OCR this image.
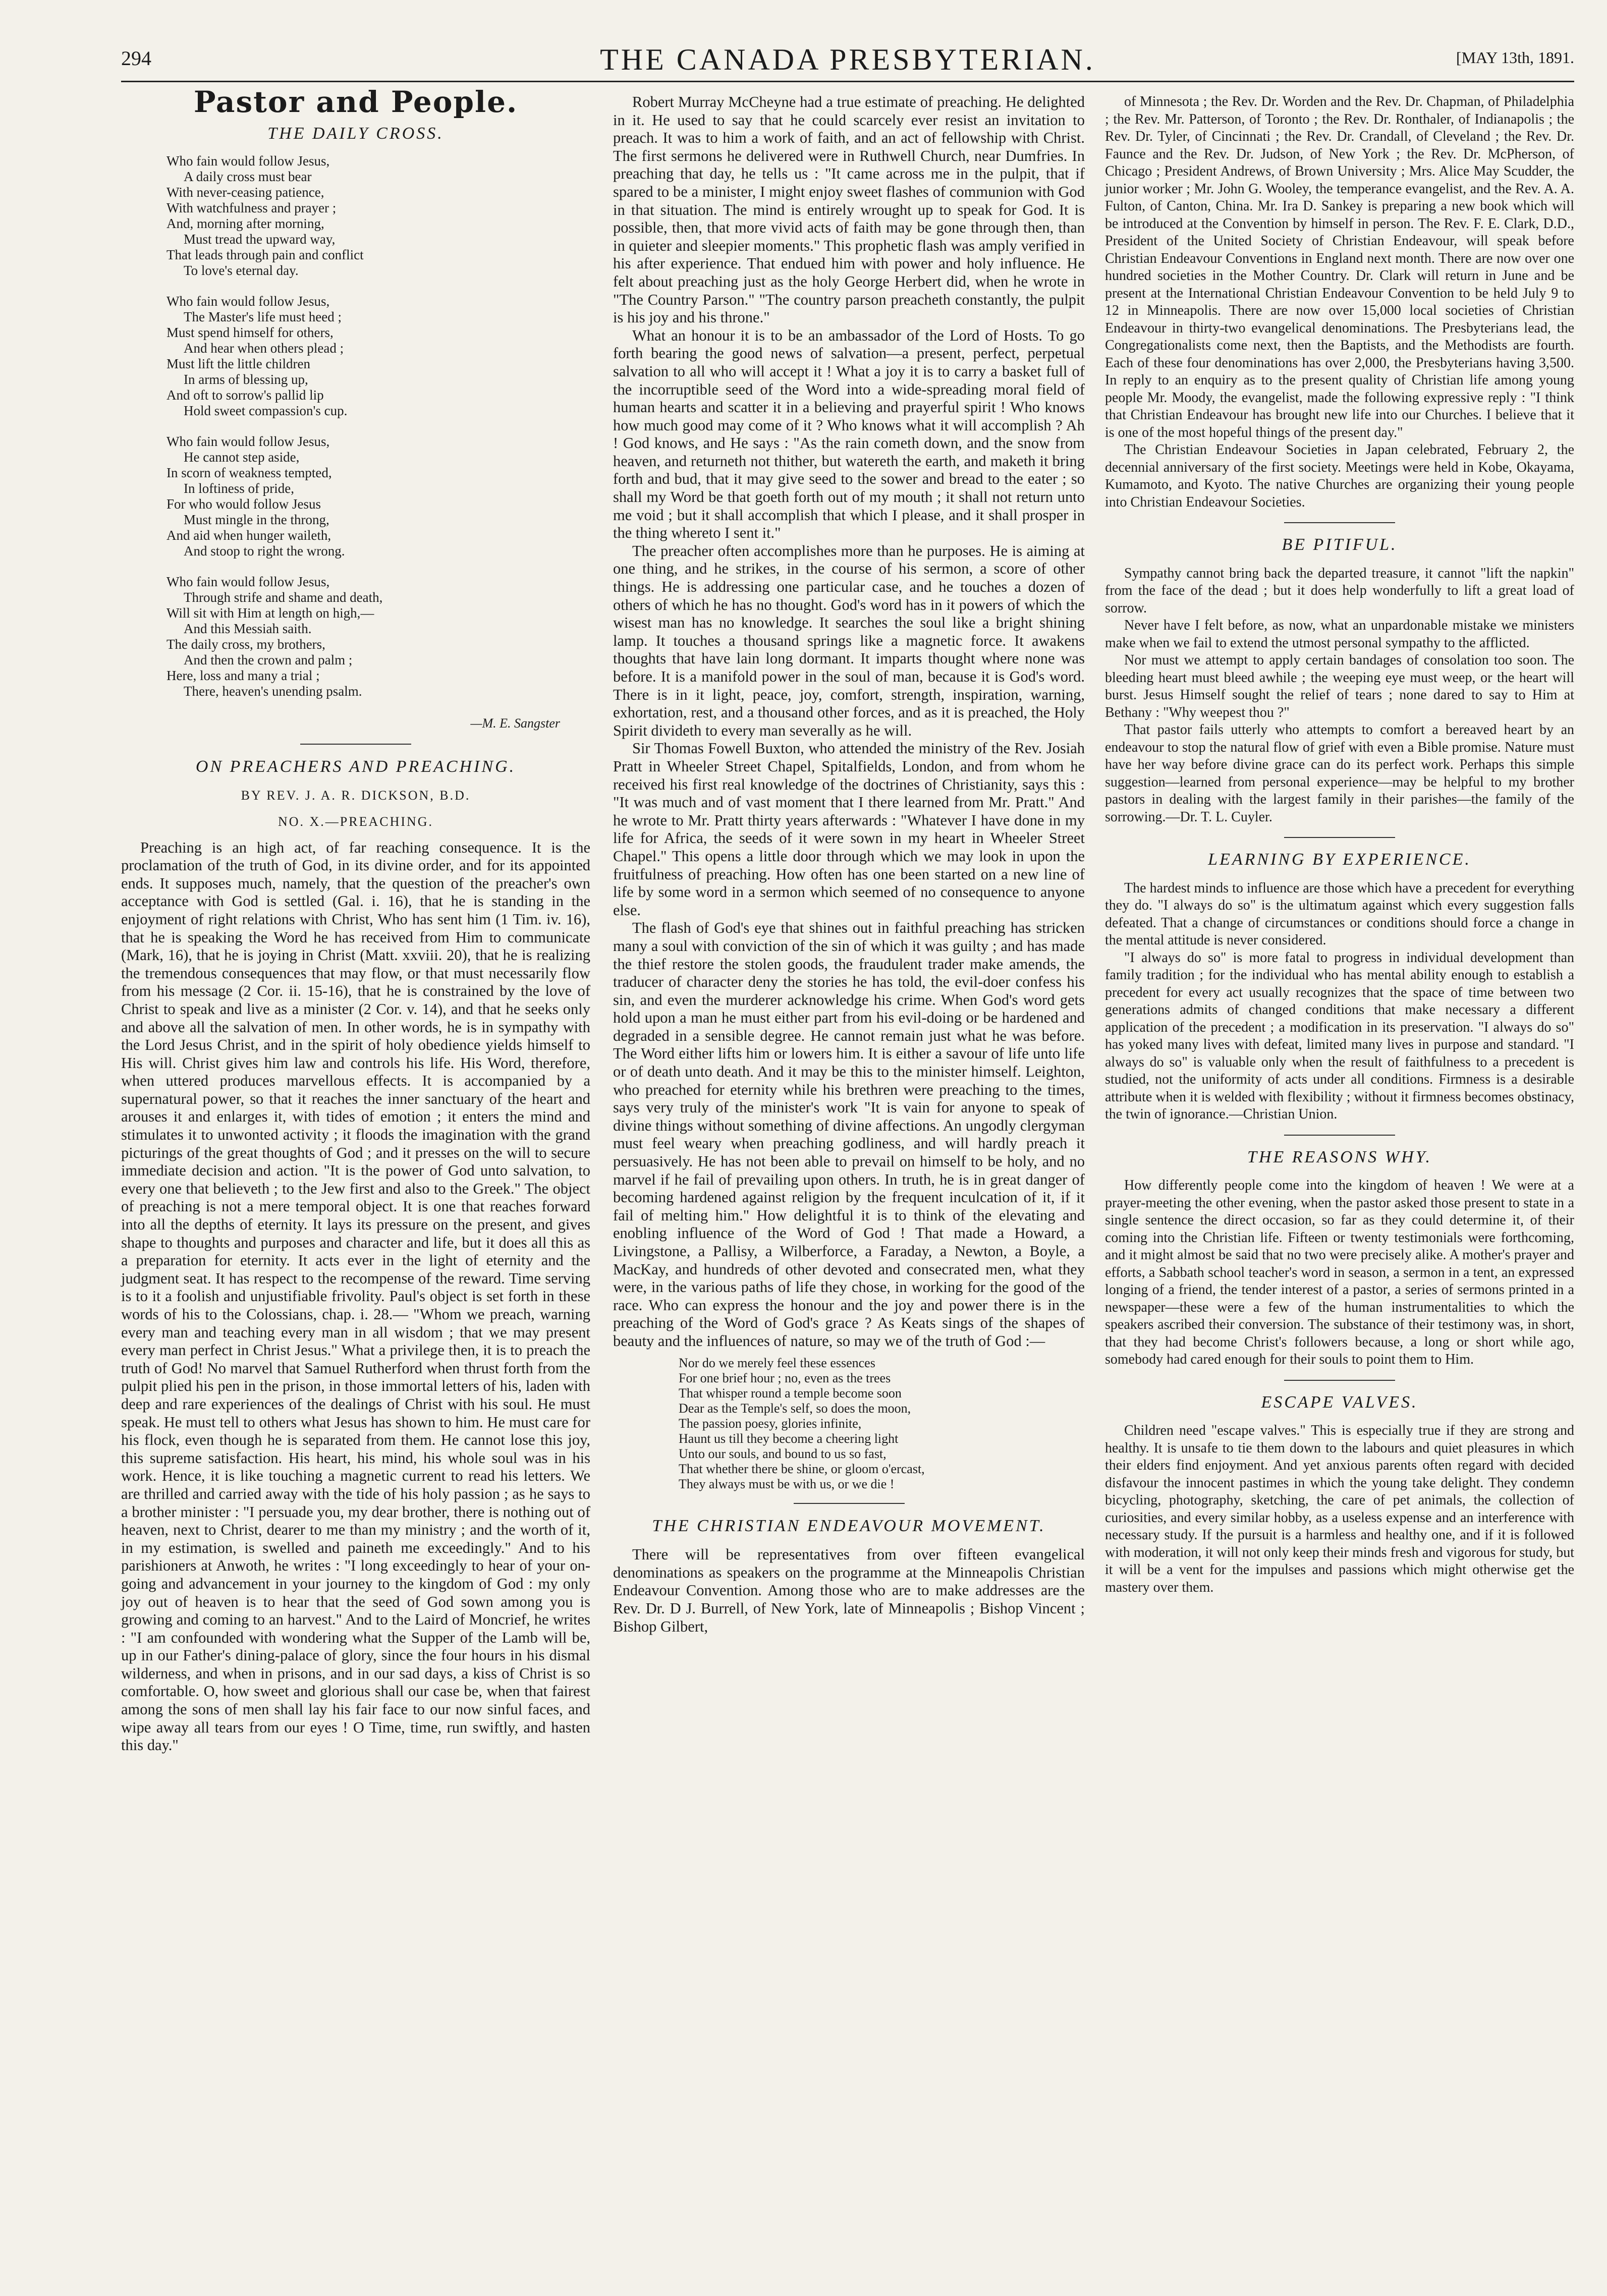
294	THE CANADA PRESBYTERIAN.	[MAY 13th, 1891.
Pastor and People.
THE DAILY CROSS.
Who fain would follow Jesus,
A daily cross must bear
With never-ceasing patience,
With watchfulness and prayer ;
And, morning after morning,
Must tread the upward way,
That leads through pain and conflict
To love's eternal day.
Who fain would follow Jesus,
The Master's life must heed ;
Must spend himself for others,
And hear when others plead ;
Must lift the little children
In arms of blessing up,
And oft to sorrow's pallid lip
Hold sweet compassion's cup.
Who fain would follow Jesus,
He cannot step aside,
In scorn of weakness tempted,
In loftiness of pride,
For who would follow Jesus
Must mingle in the throng,
And aid when hunger waileth,
And stoop to right the wrong.
Who fain would follow Jesus,
Through strife and shame and death,
Will sit with Him at length on high,—
And this Messiah saith.
The daily cross, my brothers,
And then the crown and palm ;
Here, loss and many a trial ;
There, heaven's unending psalm.
—M. E. Sangster
ON PREACHERS AND PREACHING.
BY REV. J. A. R. DICKSON, B.D.
NO. X.—PREACHING.

Preaching is an high act, of far reaching consequence. It is the proclamation of the truth of God, in its divine order, and for its appointed ends. It supposes much, namely, that the question of the preacher's own acceptance with God is settled (Gal. i. 16), that he is standing in the enjoyment of right relations with Christ, Who has sent him (1 Tim. iv. 16), that he is speaking the Word he has received from Him to communicate (Mark, 16), that he is joying in Christ (Matt. xxviii. 20), that he is realizing the tremendous consequences that may flow, or that must necessarily flow from his message (2 Cor. ii. 15-16), that he is constrained by the love of Christ to speak and live as a minister (2 Cor. v. 14), and that he seeks only and above all the salvation of men. In other words, he is in sympathy with the Lord Jesus Christ, and in the spirit of holy obedience yields himself to His will. Christ gives him law and controls his life. His Word, therefore, when uttered produces marvellous effects. It is accompanied by a supernatural power, so that it reaches the inner sanctuary of the heart and arouses it and enlarges it, with tides of emotion ; it enters the mind and stimulates it to unwonted activity ; it floods the imagination with the grand picturings of the great thoughts of God ; and it presses on the will to secure immediate decision and action. "It is the power of God unto salvation, to every one that believeth ; to the Jew first and also to the Greek." The object of preaching is not a mere temporal object. It is one that reaches forward into all the depths of eternity. It lays its pressure on the present, and gives shape to thoughts and purposes and character and life, but it does all this as a preparation for eternity. It acts ever in the light of eternity and the judgment seat. It has respect to the recompense of the reward. Time serving is to it a foolish and unjustifiable frivolity. Paul's object is set forth in these words of his to the Colossians, chap. i. 28.— "Whom we preach, warning every man and teaching every man in all wisdom ; that we may present every man perfect in Christ Jesus." What a privilege then, it is to preach the truth of God! No marvel that Samuel Rutherford when thrust forth from the pulpit plied his pen in the prison, in those immortal letters of his, laden with deep and rare experiences of the dealings of Christ with his soul. He must speak. He must tell to others what Jesus has shown to him. He must care for his flock, even though he is separated from them. He cannot lose this joy, this supreme satisfaction. His heart, his mind, his whole soul was in his work. Hence, it is like touching a magnetic current to read his letters. We are thrilled and carried away with the tide of his holy passion ; as he says to a brother minister : "I persuade you, my dear brother, there is nothing out of heaven, next to Christ, dearer to me than my ministry ; and the worth of it, in my estimation, is swelled and paineth me exceedingly." And to his parishioners at Anwoth, he writes : "I long exceedingly to hear of your on-going and advancement in your journey to the kingdom of God : my only joy out of heaven is to hear that the seed of God sown among you is growing and coming to an harvest." And to the Laird of Moncrief, he writes : "I am confounded with wondering what the Supper of the Lamb will be, up in our Father's dining-palace of glory, since the four hours in his dismal wilderness, and when in prisons, and in our sad days, a kiss of Christ is so comfortable. O, how sweet and glorious shall our case be, when that fairest among the sons of men shall lay his fair face to our now sinful faces, and wipe away all tears from our eyes ! O Time, time, run swiftly, and hasten this day."

Robert Murray McCheyne had a true estimate of preaching. He delighted in it. He used to say that he could scarcely ever resist an invitation to preach. It was to him a work of faith, and an act of fellowship with Christ. The first sermons he delivered were in Ruthwell Church, near Dumfries. In preaching that day, he tells us : "It came across me in the pulpit, that if spared to be a minister, I might enjoy sweet flashes of communion with God in that situation. The mind is entirely wrought up to speak for God. It is possible, then, that more vivid acts of faith may be gone through then, than in quieter and sleepier moments." This prophetic flash was amply verified in his after experience. That endued him with power and holy influence. He felt about preaching just as the holy George Herbert did, when he wrote in "The Country Parson." "The country parson preacheth constantly, the pulpit is his joy and his throne."

What an honour it is to be an ambassador of the Lord of Hosts. To go forth bearing the good news of salvation—a present, perfect, perpetual salvation to all who will accept it ! What a joy it is to carry a basket full of the incorruptible seed of the Word into a wide-spreading moral field of human hearts and scatter it in a believing and prayerful spirit ! Who knows how much good may come of it ? Who knows what it will accomplish ? Ah ! God knows, and He says : "As the rain cometh down, and the snow from heaven, and returneth not thither, but watereth the earth, and maketh it bring forth and bud, that it may give seed to the sower and bread to the eater ; so shall my Word be that goeth forth out of my mouth ; it shall not return unto me void ; but it shall accomplish that which I please, and it shall prosper in the thing whereto I sent it."

The preacher often accomplishes more than he purposes. He is aiming at one thing, and he strikes, in the course of his sermon, a score of other things. He is addressing one particular case, and he touches a dozen of others of which he has no thought. God's word has in it powers of which the wisest man has no knowledge. It searches the soul like a bright shining lamp. It touches a thousand springs like a magnetic force. It awakens thoughts that have lain long dormant. It imparts thought where none was before. It is a manifold power in the soul of man, because it is God's word. There is in it light, peace, joy, comfort, strength, inspiration, warning, exhortation, rest, and a thousand other forces, and as it is preached, the Holy Spirit divideth to every man severally as he will.

Sir Thomas Fowell Buxton, who attended the ministry of the Rev. Josiah Pratt in Wheeler Street Chapel, Spitalfields, London, and from whom he received his first real knowledge of the doctrines of Christianity, says this : "It was much and of vast moment that I there learned from Mr. Pratt." And he wrote to Mr. Pratt thirty years afterwards : "Whatever I have done in my life for Africa, the seeds of it were sown in my heart in Wheeler Street Chapel." This opens a little door through which we may look in upon the fruitfulness of preaching. How often has one been started on a new line of life by some word in a sermon which seemed of no consequence to anyone else.

The flash of God's eye that shines out in faithful preaching has stricken many a soul with conviction of the sin of which it was guilty ; and has made the thief restore the stolen goods, the fraudulent trader make amends, the traducer of character deny the stories he has told, the evil-doer confess his sin, and even the murderer acknowledge his crime. When God's word gets hold upon a man he must either part from his evil-doing or be hardened and degraded in a sensible degree. He cannot remain just what he was before. The Word either lifts him or lowers him. It is either a savour of life unto life or of death unto death. And it may be this to the minister himself. Leighton, who preached for eternity while his brethren were preaching to the times, says very truly of the minister's work "It is vain for anyone to speak of divine things without something of divine affections. An ungodly clergyman must feel weary when preaching godliness, and will hardly preach it persuasively. He has not been able to prevail on himself to be holy, and no marvel if he fail of prevailing upon others. In truth, he is in great danger of becoming hardened against religion by the frequent inculcation of it, if it fail of melting him." How delightful it is to think of the elevating and enobling influence of the Word of God ! That made a Howard, a Livingstone, a Pallisy, a Wilberforce, a Faraday, a Newton, a Boyle, a MacKay, and hundreds of other devoted and consecrated men, what they were, in the various paths of life they chose, in working for the good of the race. Who can express the honour and the joy and power there is in the preaching of the Word of God's grace ? As Keats sings of the shapes of beauty and the influences of nature, so may we of the truth of God :—

Nor do we merely feel these essences
For one brief hour ; no, even as the trees
That whisper round a temple become soon
Dear as the Temple's self, so does the moon,
The passion poesy, glories infinite,
Haunt us till they become a cheering light
Unto our souls, and bound to us so fast,
That whether there be shine, or gloom o'ercast,
They always must be with us, or we die !
THE CHRISTIAN ENDEAVOUR MOVEMENT.

There will be representatives from over fifteen evangelical denominations as speakers on the programme at the Minneapolis Christian Endeavour Convention. Among those who are to make addresses are the Rev. Dr. D J. Burrell, of New York, late of Minneapolis ; Bishop Vincent ; Bishop Gilbert,

of Minnesota ; the Rev. Dr. Worden and the Rev. Dr. Chapman, of Philadelphia ; the Rev. Mr. Patterson, of Toronto ; the Rev. Dr. Ronthaler, of Indianapolis ; the Rev. Dr. Tyler, of Cincinnati ; the Rev. Dr. Crandall, of Cleveland ; the Rev. Dr. Faunce and the Rev. Dr. Judson, of New York ; the Rev. Dr. McPherson, of Chicago ; President Andrews, of Brown University ; Mrs. Alice May Scudder, the junior worker ; Mr. John G. Wooley, the temperance evangelist, and the Rev. A. A. Fulton, of Canton, China. Mr. Ira D. Sankey is preparing a new book which will be introduced at the Convention by himself in person. The Rev. F. E. Clark, D.D., President of the United Society of Christian Endeavour, will speak before Christian Endeavour Conventions in England next month. There are now over one hundred societies in the Mother Country. Dr. Clark will return in June and be present at the International Christian Endeavour Convention to be held July 9 to 12 in Minneapolis. There are now over 15,000 local societies of Christian Endeavour in thirty-two evangelical denominations. The Presbyterians lead, the Congregationalists come next, then the Baptists, and the Methodists are fourth. Each of these four denominations has over 2,000, the Presbyterians having 3,500. In reply to an enquiry as to the present quality of Christian life among young people Mr. Moody, the evangelist, made the following expressive reply : "I think that Christian Endeavour has brought new life into our Churches. I believe that it is one of the most hopeful things of the present day."

The Christian Endeavour Societies in Japan celebrated, February 2, the decennial anniversary of the first society. Meetings were held in Kobe, Okayama, Kumamoto, and Kyoto. The native Churches are organizing their young people into Christian Endeavour Societies.

BE PITIFUL.

Sympathy cannot bring back the departed treasure, it cannot "lift the napkin" from the face of the dead ; but it does help wonderfully to lift a great load of sorrow.

Never have I felt before, as now, what an unpardonable mistake we ministers make when we fail to extend the utmost personal sympathy to the afflicted.

Nor must we attempt to apply certain bandages of consolation too soon. The bleeding heart must bleed awhile ; the weeping eye must weep, or the heart will burst. Jesus Himself sought the relief of tears ; none dared to say to Him at Bethany : "Why weepest thou ?"

That pastor fails utterly who attempts to comfort a bereaved heart by an endeavour to stop the natural flow of grief with even a Bible promise. Nature must have her way before divine grace can do its perfect work. Perhaps this simple suggestion—learned from personal experience—may be helpful to my brother pastors in dealing with the largest family in their parishes—the family of the sorrowing.—Dr. T. L. Cuyler.

LEARNING BY EXPERIENCE.

The hardest minds to influence are those which have a precedent for everything they do. "I always do so" is the ultimatum against which every suggestion falls defeated. That a change of circumstances or conditions should force a change in the mental attitude is never considered.

"I always do so" is more fatal to progress in individual development than family tradition ; for the individual who has mental ability enough to establish a precedent for every act usually recognizes that the space of time between two generations admits of changed conditions that make necessary a different application of the precedent ; a modification in its preservation. "I always do so" has yoked many lives with defeat, limited many lives in purpose and standard. "I always do so" is valuable only when the result of faithfulness to a precedent is studied, not the uniformity of acts under all conditions. Firmness is a desirable attribute when it is welded with flexibility ; without it firmness becomes obstinacy, the twin of ignorance.—Christian Union.

THE REASONS WHY.

How differently people come into the kingdom of heaven ! We were at a prayer-meeting the other evening, when the pastor asked those present to state in a single sentence the direct occasion, so far as they could determine it, of their coming into the Christian life. Fifteen or twenty testimonials were forthcoming, and it might almost be said that no two were precisely alike. A mother's prayer and efforts, a Sabbath school teacher's word in season, a sermon in a tent, an expressed longing of a friend, the tender interest of a pastor, a series of sermons printed in a newspaper—these were a few of the human instrumentalities to which the speakers ascribed their conversion. The substance of their testimony was, in short, that they had become Christ's followers because, a long or short while ago, somebody had cared enough for their souls to point them to Him.

ESCAPE VALVES.

Children need "escape valves." This is especially true if they are strong and healthy. It is unsafe to tie them down to the labours and quiet pleasures in which their elders find enjoyment. And yet anxious parents often regard with decided disfavour the innocent pastimes in which the young take delight. They condemn bicycling, photography, sketching, the care of pet animals, the collection of curiosities, and every similar hobby, as a useless expense and an interference with necessary study. If the pursuit is a harmless and healthy one, and if it is followed with moderation, it will not only keep their minds fresh and vigorous for study, but it will be a vent for the impulses and passions which might otherwise get the mastery over them.
